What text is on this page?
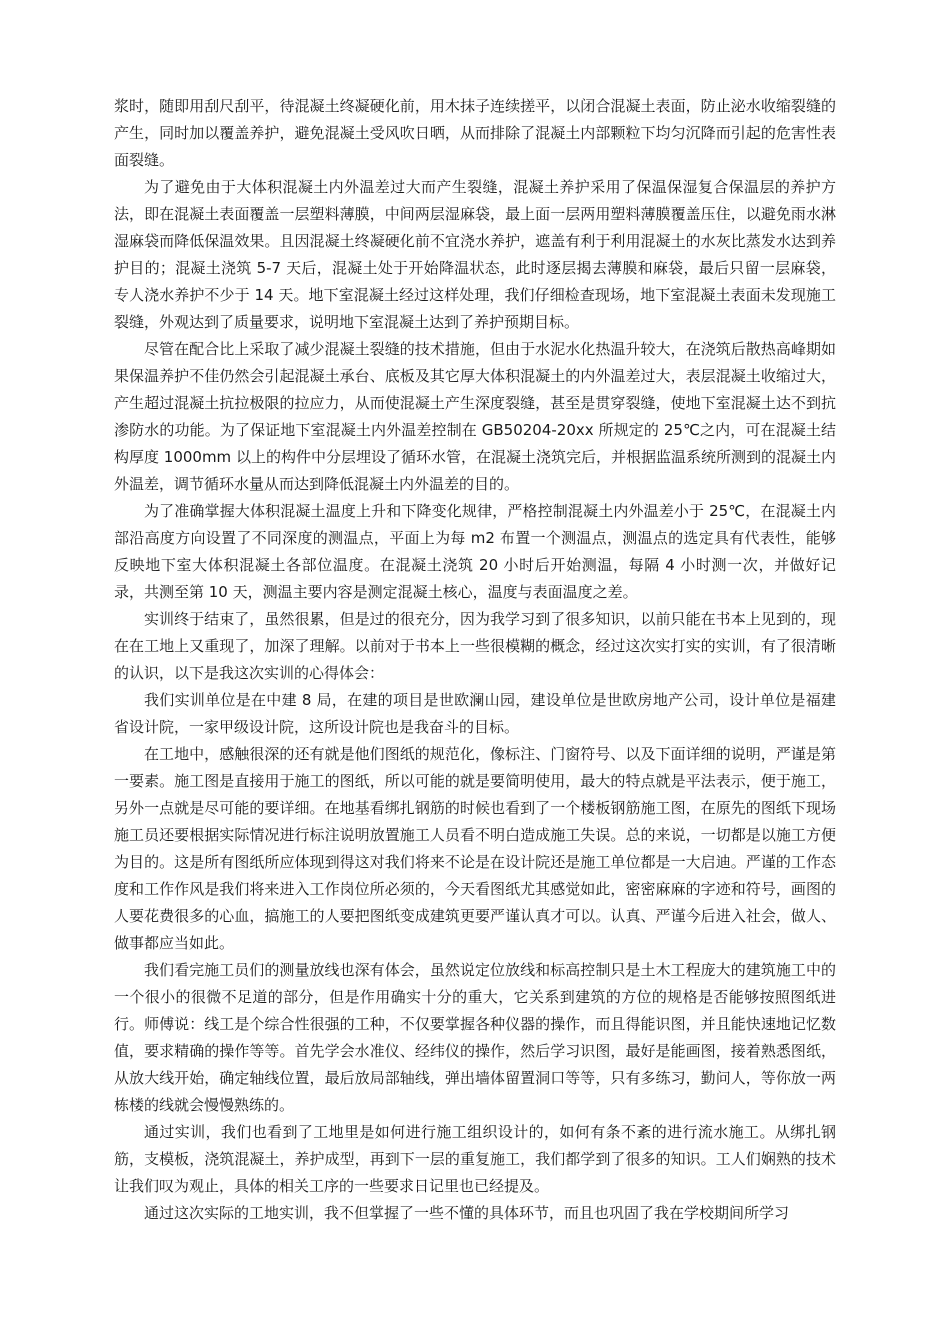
浆时，随即用刮尺刮平，待混凝土终凝硬化前，用木抹子连续搓平，以闭合混凝土表面，防止泌水收缩裂缝的产生，同时加以覆盖养护，避免混凝土受风吹日晒，从而排除了混凝土内部颗粒下均匀沉降而引起的危害性表面裂缝。

为了避免由于大体积混凝土内外温差过大而产生裂缝，混凝土养护采用了保温保湿复合保温层的养护方法，即在混凝土表面覆盖一层塑料薄膜，中间两层湿麻袋，最上面一层两用塑料薄膜覆盖压住，以避免雨水淋湿麻袋而降低保温效果。且因混凝土终凝硬化前不宜浇水养护，遮盖有利于利用混凝土的水灰比蒸发水达到养护目的；混凝土浇筑 5-7 天后，混凝土处于开始降温状态，此时逐层揭去薄膜和麻袋，最后只留一层麻袋，专人浇水养护不少于 14 天。地下室混凝土经过这样处理，我们仔细检查现场，地下室混凝土表面未发现施工裂缝，外观达到了质量要求，说明地下室混凝土达到了养护预期目标。

尽管在配合比上采取了减少混凝土裂缝的技术措施，但由于水泥水化热温升较大，在浇筑后散热高峰期如果保温养护不佳仍然会引起混凝土承台、底板及其它厚大体积混凝土的内外温差过大，表层混凝土收缩过大，产生超过混凝土抗拉极限的拉应力，从而使混凝土产生深度裂缝，甚至是贯穿裂缝，使地下室混凝土达不到抗渗防水的功能。为了保证地下室混凝土内外温差控制在 GB50204-20xx 所规定的 25℃之内，可在混凝土结构厚度 1000mm 以上的构件中分层埋设了循环水管，在混凝土浇筑完后，并根据监温系统所测到的混凝土内外温差，调节循环水量从而达到降低混凝土内外温差的目的。

为了准确掌握大体积混凝土温度上升和下降变化规律，严格控制混凝土内外温差小于 25℃，在混凝土内部沿高度方向设置了不同深度的测温点，平面上为每 m2 布置一个测温点，测温点的选定具有代表性，能够反映地下室大体积混凝土各部位温度。在混凝土浇筑 20 小时后开始测温，每隔 4 小时测一次，并做好记录，共测至第 10 天，测温主要内容是测定混凝土核心，温度与表面温度之差。

实训终于结束了，虽然很累，但是过的很充分，因为我学习到了很多知识，以前只能在书本上见到的，现在在工地上又重现了，加深了理解。以前对于书本上一些很模糊的概念，经过这次实打实的实训，有了很清晰的认识，以下是我这次实训的心得体会：

我们实训单位是在中建 8 局，在建的项目是世欧澜山园，建设单位是世欧房地产公司，设计单位是福建省设计院，一家甲级设计院，这所设计院也是我奋斗的目标。

在工地中，感触很深的还有就是他们图纸的规范化，像标注、门窗符号、以及下面详细的说明，严谨是第一要素。施工图是直接用于施工的图纸，所以可能的就是要简明使用，最大的特点就是平法表示，便于施工，另外一点就是尽可能的要详细。在地基看绑扎钢筋的时候也看到了一个楼板钢筋施工图，在原先的图纸下现场施工员还要根据实际情况进行标注说明放置施工人员看不明白造成施工失误。总的来说，一切都是以施工方便为目的。这是所有图纸所应体现到得这对我们将来不论是在设计院还是施工单位都是一大启迪。严谨的工作态度和工作作风是我们将来进入工作岗位所必须的，今天看图纸尤其感觉如此，密密麻麻的字迹和符号，画图的人要花费很多的心血，搞施工的人要把图纸变成建筑更要严谨认真才可以。认真、严谨今后进入社会，做人、做事都应当如此。

我们看完施工员们的测量放线也深有体会，虽然说定位放线和标高控制只是土木工程庞大的建筑施工中的一个很小的很微不足道的部分，但是作用确实十分的重大，它关系到建筑的方位的规格是否能够按照图纸进行。师傅说：线工是个综合性很强的工种，不仅要掌握各种仪器的操作，而且得能识图，并且能快速地记忆数值，要求精确的操作等等。首先学会水准仪、经纬仪的操作，然后学习识图，最好是能画图，接着熟悉图纸，从放大线开始，确定轴线位置，最后放局部轴线，弹出墙体留置洞口等等，只有多练习，勤问人，等你放一两栋楼的线就会慢慢熟练的。

通过实训，我们也看到了工地里是如何进行施工组织设计的，如何有条不紊的进行流水施工。从绑扎钢筋，支模板，浇筑混凝土，养护成型，再到下一层的重复施工，我们都学到了很多的知识。工人们娴熟的技术让我们叹为观止，具体的相关工序的一些要求日记里也已经提及。

通过这次实际的工地实训，我不但掌握了一些不懂的具体环节，而且也巩固了我在学校期间所学习
